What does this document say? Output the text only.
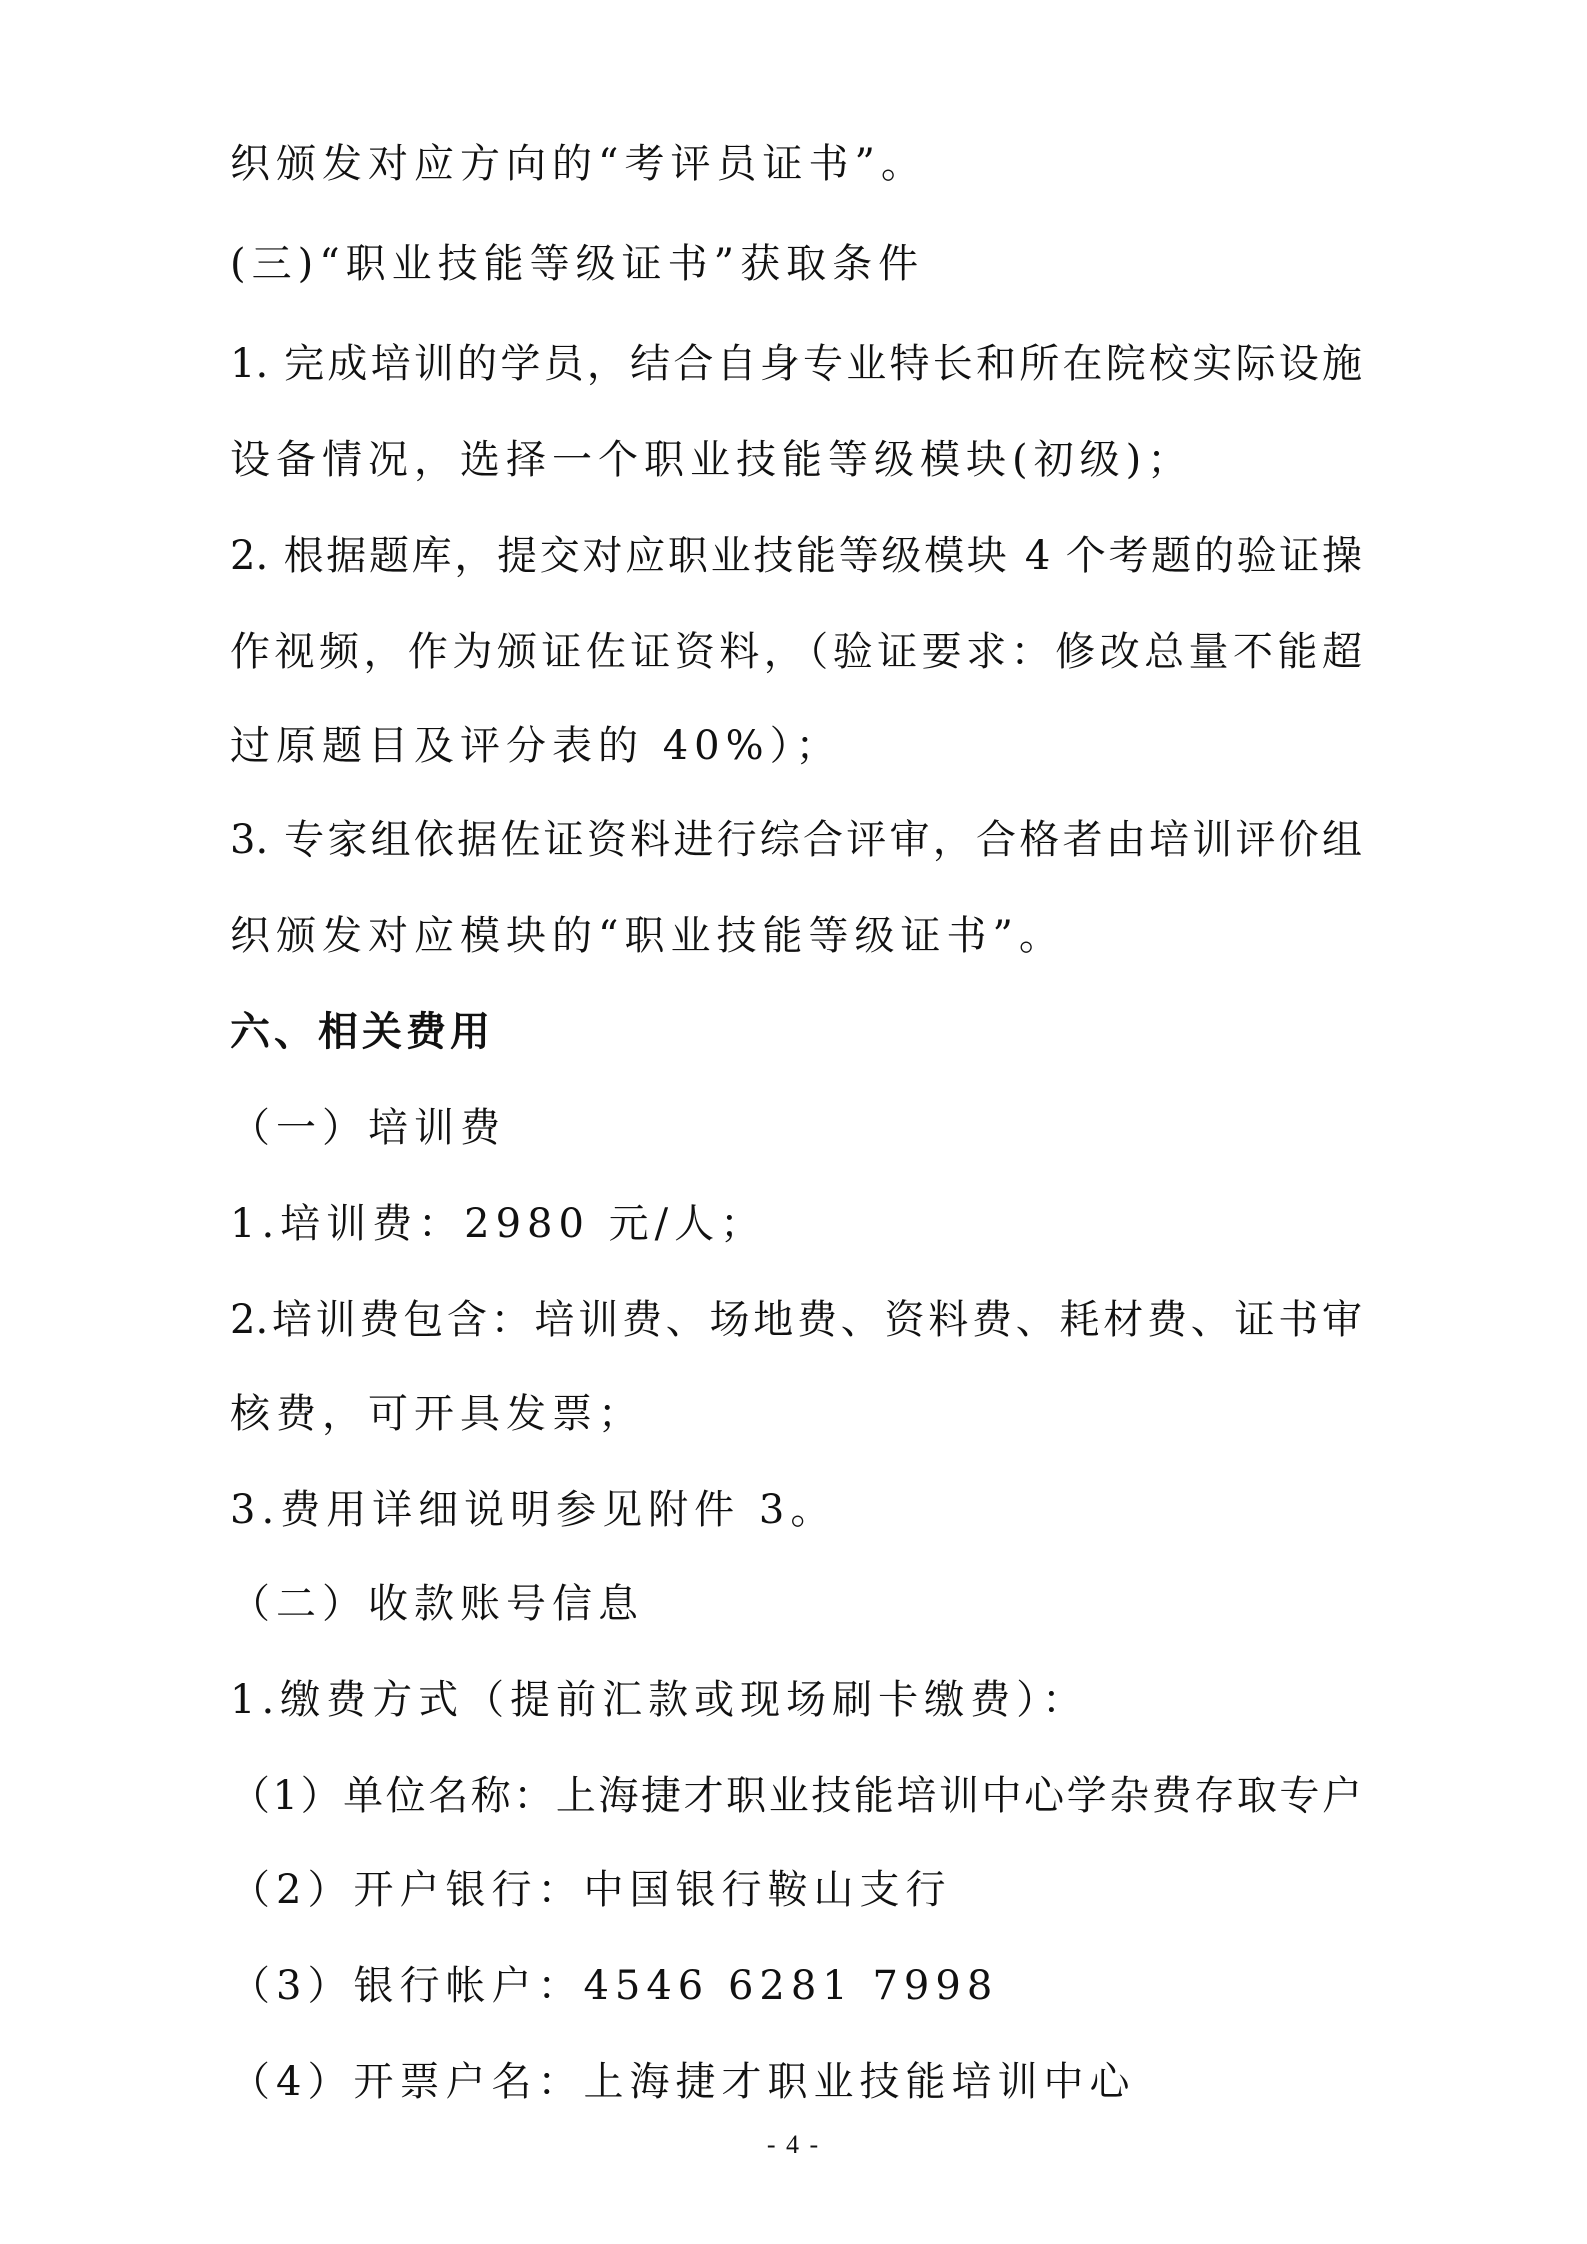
织颁发对应方向的“考评员证书”。
(三)“职业技能等级证书”获取条件
1. 完成培训的学员，结合自身专业特长和所在院校实际设施
设备情况，选择一个职业技能等级模块(初级)；
2. 根据题库，提交对应职业技能等级模块 4 个考题的验证操
作视频，作为颁证佐证资料，（验证要求：修改总量不能超
过原题目及评分表的 40%）；
3. 专家组依据佐证资料进行综合评审，合格者由培训评价组
织颁发对应模块的“职业技能等级证书”。
六、相关费用
（一）培训费
1.培训费：2980 元/人；
2.培训费包含：培训费、场地费、资料费、耗材费、证书审
核费，可开具发票；
3.费用详细说明参见附件 3。
（二）收款账号信息
1.缴费方式（提前汇款或现场刷卡缴费）：
（1）单位名称：上海捷才职业技能培训中心学杂费存取专户
（2）开户银行：中国银行鞍山支行
（3）银行帐户：4546 6281 7998
（4）开票户名：上海捷才职业技能培训中心
- 4 -
